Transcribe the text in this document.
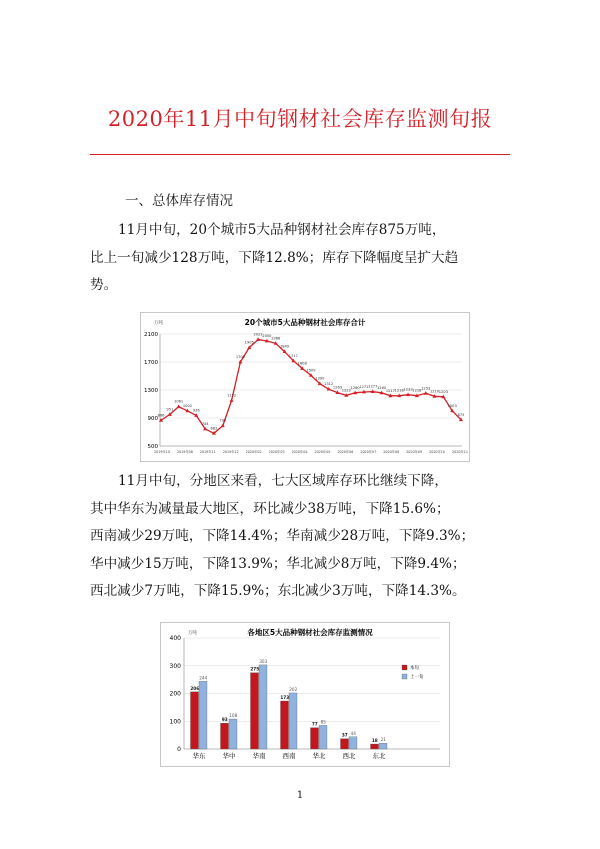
2020年11月中旬钢材社会库存监测旬报
一、总体库存情况

11月中旬，20个城市5大品种钢材社会库存875万吨，

比上一旬减少128万吨，下降12.8%；库存下降幅度呈扩大趋

势。

20个城市5大品种钢材社会库存合计
万吨
500
900
1300
1700
2100
866
951
1061
1002
936
744
682
790
1152
1700
1905
2022 2000
1966
1849
1717
1608
1509
1390
1312
1263
1223
1260 1272 1277 1260
1217 1218 1233 1218
1253
1210 1203
1003
875
2019年10 2019年08 2019年11 2019年12 2020年02 2020年03 2020年04 2020年05 2020年06 2020年07 2020年08 2020年09 2020年10 2020年11

11月中旬，分地区来看，七大区域库存环比继续下降，

其中华东为减量最大地区，环比减少38万吨，下降15.6%；

西南减少29万吨，下降14.4%；华南减少28万吨，下降9.3%；

华中减少15万吨，下降13.9%；华北减少8万吨，下降9.4%；

西北减少7万吨，下降15.9%；东北减少3万吨，下降14.3%。

各地区5大品种钢材社会库存监测情况
万吨
0
100
200
300
400
206
244
华东
93
108
华中
275
303
华南
173
202
西南
77 85
华北
37 44
西北
18 21
东北
本旬
上一旬
1
